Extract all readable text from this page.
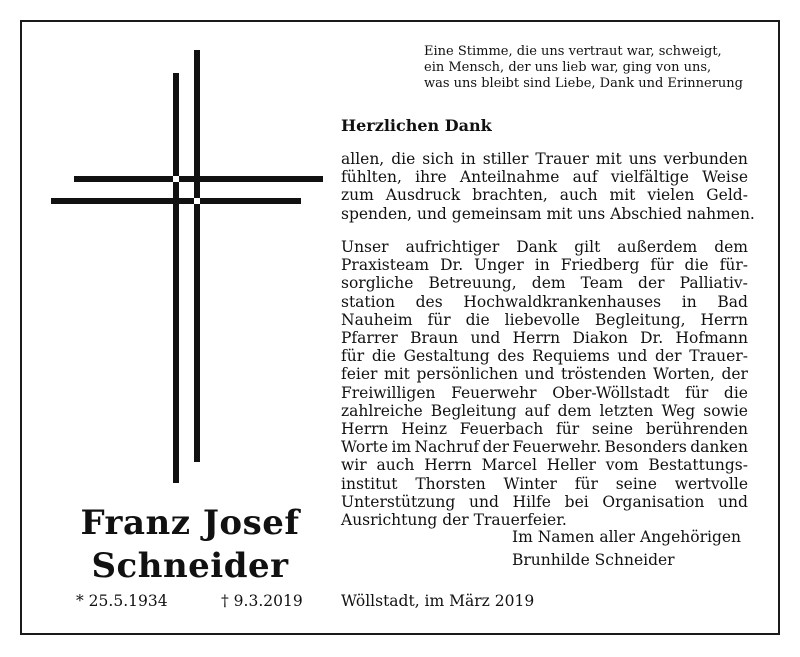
Eine Stimme, die uns vertraut war, schweigt,
ein Mensch, der uns lieb war, ging von uns,
was uns bleibt sind Liebe, Dank und Erinnerung
Herzlichen Dank
allen, die sich in stiller Trauer mit uns verbunden
fühlten, ihre Anteilnahme auf vielfältige Weise
zum Ausdruck brachten, auch mit vielen Geld-
spenden, und gemeinsam mit uns Abschied nahmen.
Unser aufrichtiger Dank gilt außerdem dem
Praxisteam Dr. Unger in Friedberg für die für-
sorgliche Betreuung, dem Team der Palliativ-
station des Hochwaldkrankenhauses in Bad
Nauheim für die liebevolle Begleitung, Herrn
Pfarrer Braun und Herrn Diakon Dr. Hofmann
für die Gestaltung des Requiems und der Trauer-
feier mit persönlichen und tröstenden Worten, der
Freiwilligen Feuerwehr Ober-Wöllstadt für die
zahlreiche Begleitung auf dem letzten Weg sowie
Herrn Heinz Feuerbach für seine berührenden
Worte im Nachruf der Feuerwehr. Besonders danken
wir auch Herrn Marcel Heller vom Bestattungs-
institut Thorsten Winter für seine wertvolle
Unterstützung und Hilfe bei Organisation und
Ausrichtung der Trauerfeier.
Franz Josef
Schneider
* 25.5.1934	† 9.3.2019
Im Namen aller Angehörigen
Brunhilde Schneider
Wöllstadt, im März 2019
